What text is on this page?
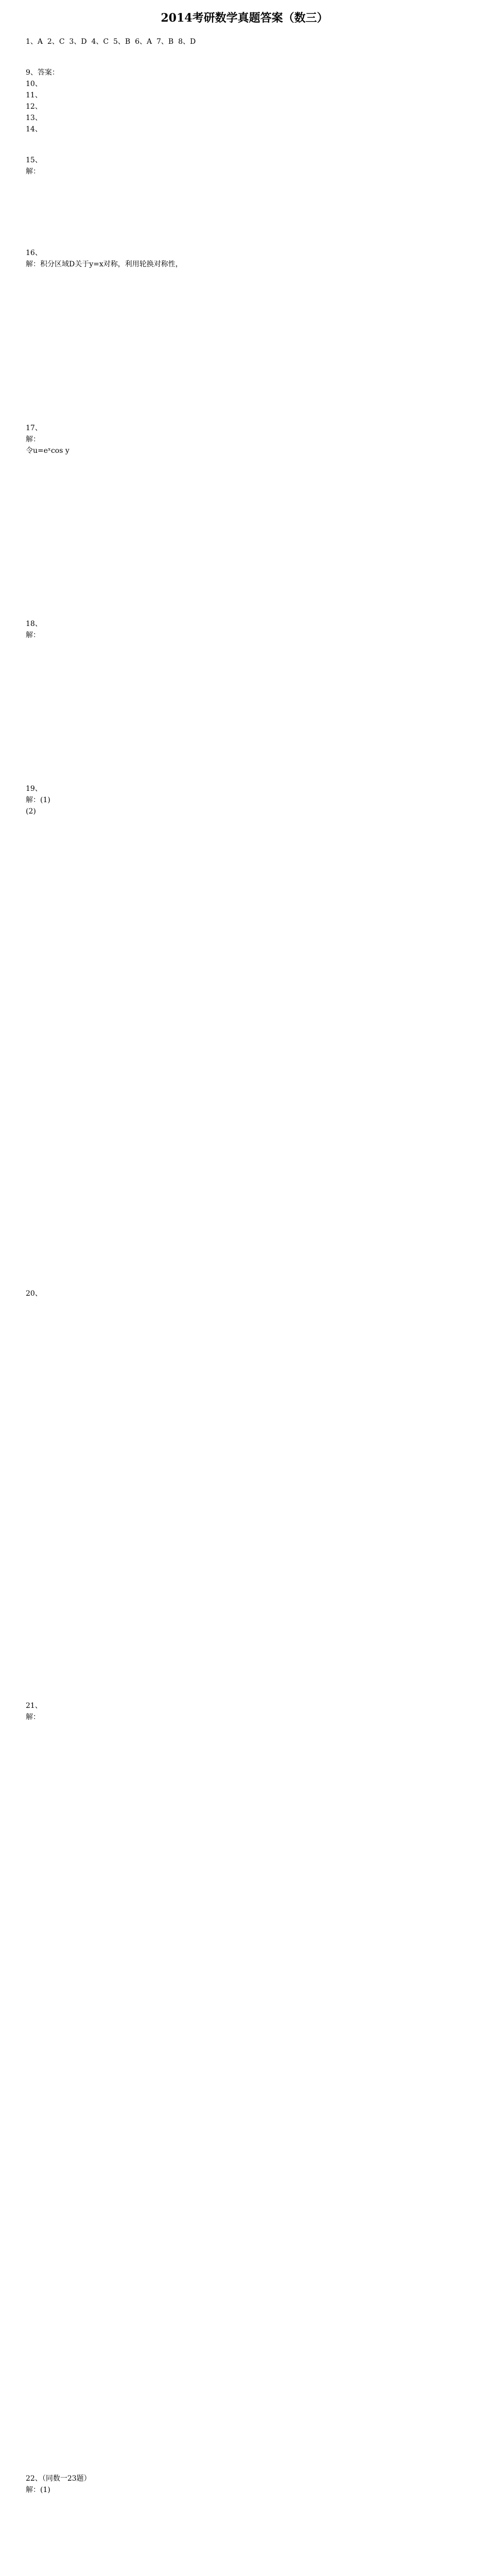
2014考研数学真题答案（数三）
1、A  2、C  3、D  4、C  5、B  6、A  7、B  8、D
9、答案：
10、
11、
12、
13、
14、
15、
解：
16、
解：积分区域D关于y=x对称，利用轮换对称性，
17、
解：
令u=eˣcos y
18、
解：
19、
解：(1)
(2)
20、
21、
解：
22、（同数一23题）
解：(1)
